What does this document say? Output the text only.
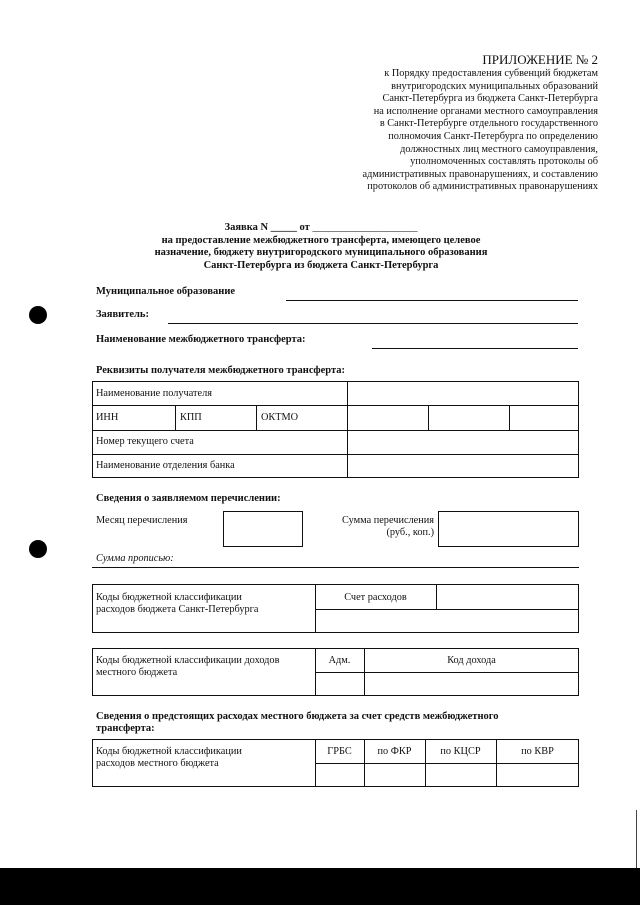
ПРИЛОЖЕНИЕ № 2
к Порядку предоставления субвенций бюджетам
внутригородских муниципальных образований
Санкт-Петербурга из бюджета Санкт-Петербурга
на исполнение органами местного самоуправления
в Санкт-Петербурге отдельного государственного
полномочия Санкт-Петербурга по определению
должностных лиц местного самоуправления,
уполномоченных составлять протоколы об
административных правонарушениях, и составлению
протоколов об административных правонарушениях
Заявка N _____ от ____________________
на предоставление межбюджетного трансферта, имеющего целевое
назначение, бюджету внутригородского муниципального образования
Санкт-Петербурга из бюджета Санкт-Петербурга
Муниципальное образование
Заявитель:
Наименование межбюджетного трансферта:
Реквизиты получателя межбюджетного трансферта:
Наименование получателя
ИНН	КПП	ОКТМО
Номер текущего счета
Наименование отделения банка
Сведения о заявляемом перечислении:
Месяц перечисления	Сумма перечисления
(руб., коп.)
Сумма прописью:
Коды бюджетной классификации
расходов бюджета Санкт-Петербурга
Счет расходов
Коды бюджетной классификации доходов
местного бюджета
Адм.	Код дохода
Сведения о предстоящих расходах местного бюджета за счет средств межбюджетного
трансферта:
Коды бюджетной классификации
расходов местного бюджета
ГРБС	по ФКР	по КЦСР	по КВР
